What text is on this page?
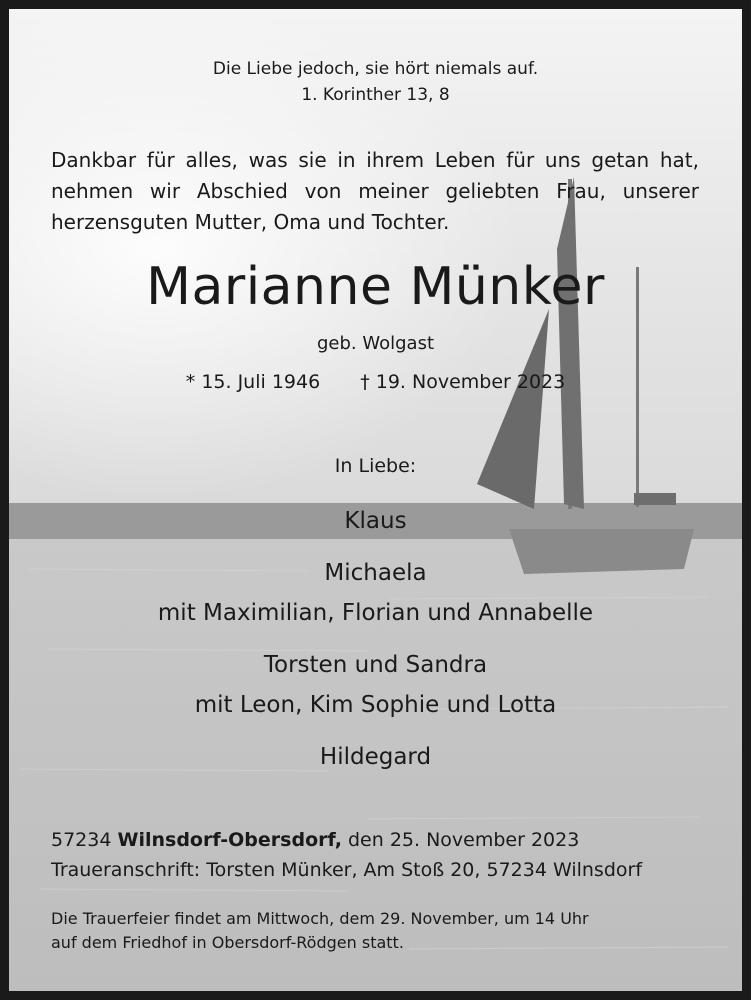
Die Liebe jedoch, sie hört niemals auf.
1. Korinther 13, 8
Dankbar für alles, was sie in ihrem Leben für uns getan hat, nehmen wir Abschied von meiner geliebten Frau, unserer herzensguten Mutter, Oma und Tochter.
Marianne Münker
geb. Wolgast
* 15. Juli 1946 † 19. November 2023
In Liebe:
Klaus
Michaela
mit Maximilian, Florian und Annabelle
Torsten und Sandra
mit Leon, Kim Sophie und Lotta
Hildegard
57234 Wilnsdorf-Obersdorf, den 25. November 2023
Traueranschrift: Torsten Münker, Am Stoß 20, 57234 Wilnsdorf
Die Trauerfeier findet am Mittwoch, dem 29. November, um 14 Uhr
auf dem Friedhof in Obersdorf-Rödgen statt.
